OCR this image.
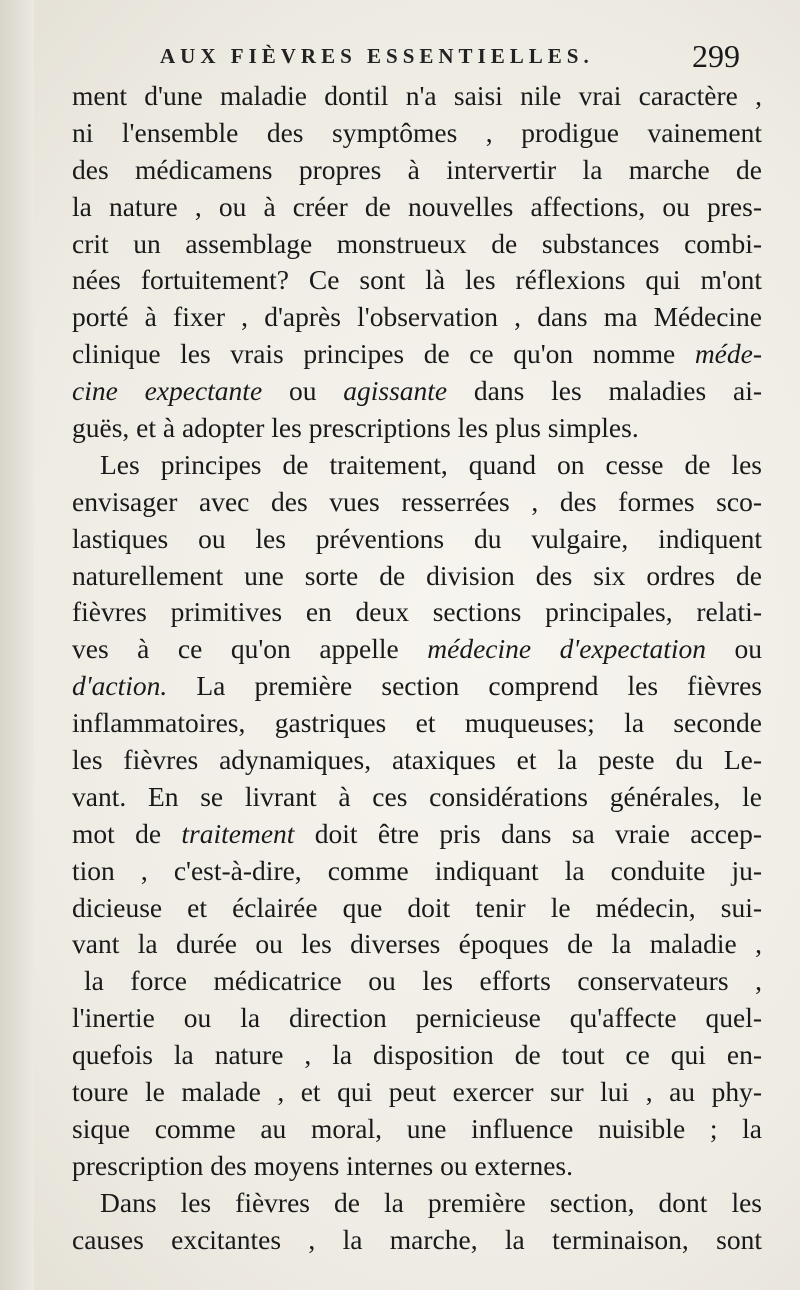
AUX FIÈVRES ESSENTIELLES.	299
ment d'une maladie dontil n'a saisi nile vrai caractère ,
ni l'ensemble des symptômes , prodigue vainement
des médicamens propres à intervertir la marche de
la nature , ou à créer de nouvelles affections, ou pres-
crit un assemblage monstrueux de substances combi-
nées fortuitement? Ce sont là les réflexions qui m'ont
porté à fixer , d'après l'observation , dans ma Médecine
clinique les vrais principes de ce qu'on nomme méde-
cine expectante ou agissante dans les maladies ai-
guës, et à adopter les prescriptions les plus simples.
Les principes de traitement, quand on cesse de les
envisager avec des vues resserrées , des formes sco-
lastiques ou les préventions du vulgaire, indiquent
naturellement une sorte de division des six ordres de
fièvres primitives en deux sections principales, relati-
ves à ce qu'on appelle médecine d'expectation ou
d'action. La première section comprend les fièvres
inflammatoires, gastriques et muqueuses; la seconde
les fièvres adynamiques, ataxiques et la peste du Le-
vant. En se livrant à ces considérations générales, le
mot de traitement doit être pris dans sa vraie accep-
tion , c'est-à-dire, comme indiquant la conduite ju-
dicieuse et éclairée que doit tenir le médecin, sui-
vant la durée ou les diverses époques de la maladie ,
la force médicatrice ou les efforts conservateurs ,
l'inertie ou la direction pernicieuse qu'affecte quel-
quefois la nature , la disposition de tout ce qui en-
toure le malade , et qui peut exercer sur lui , au phy-
sique comme au moral, une influence nuisible ; la
prescription des moyens internes ou externes.
Dans les fièvres de la première section, dont les
causes excitantes , la marche, la terminaison, sont
